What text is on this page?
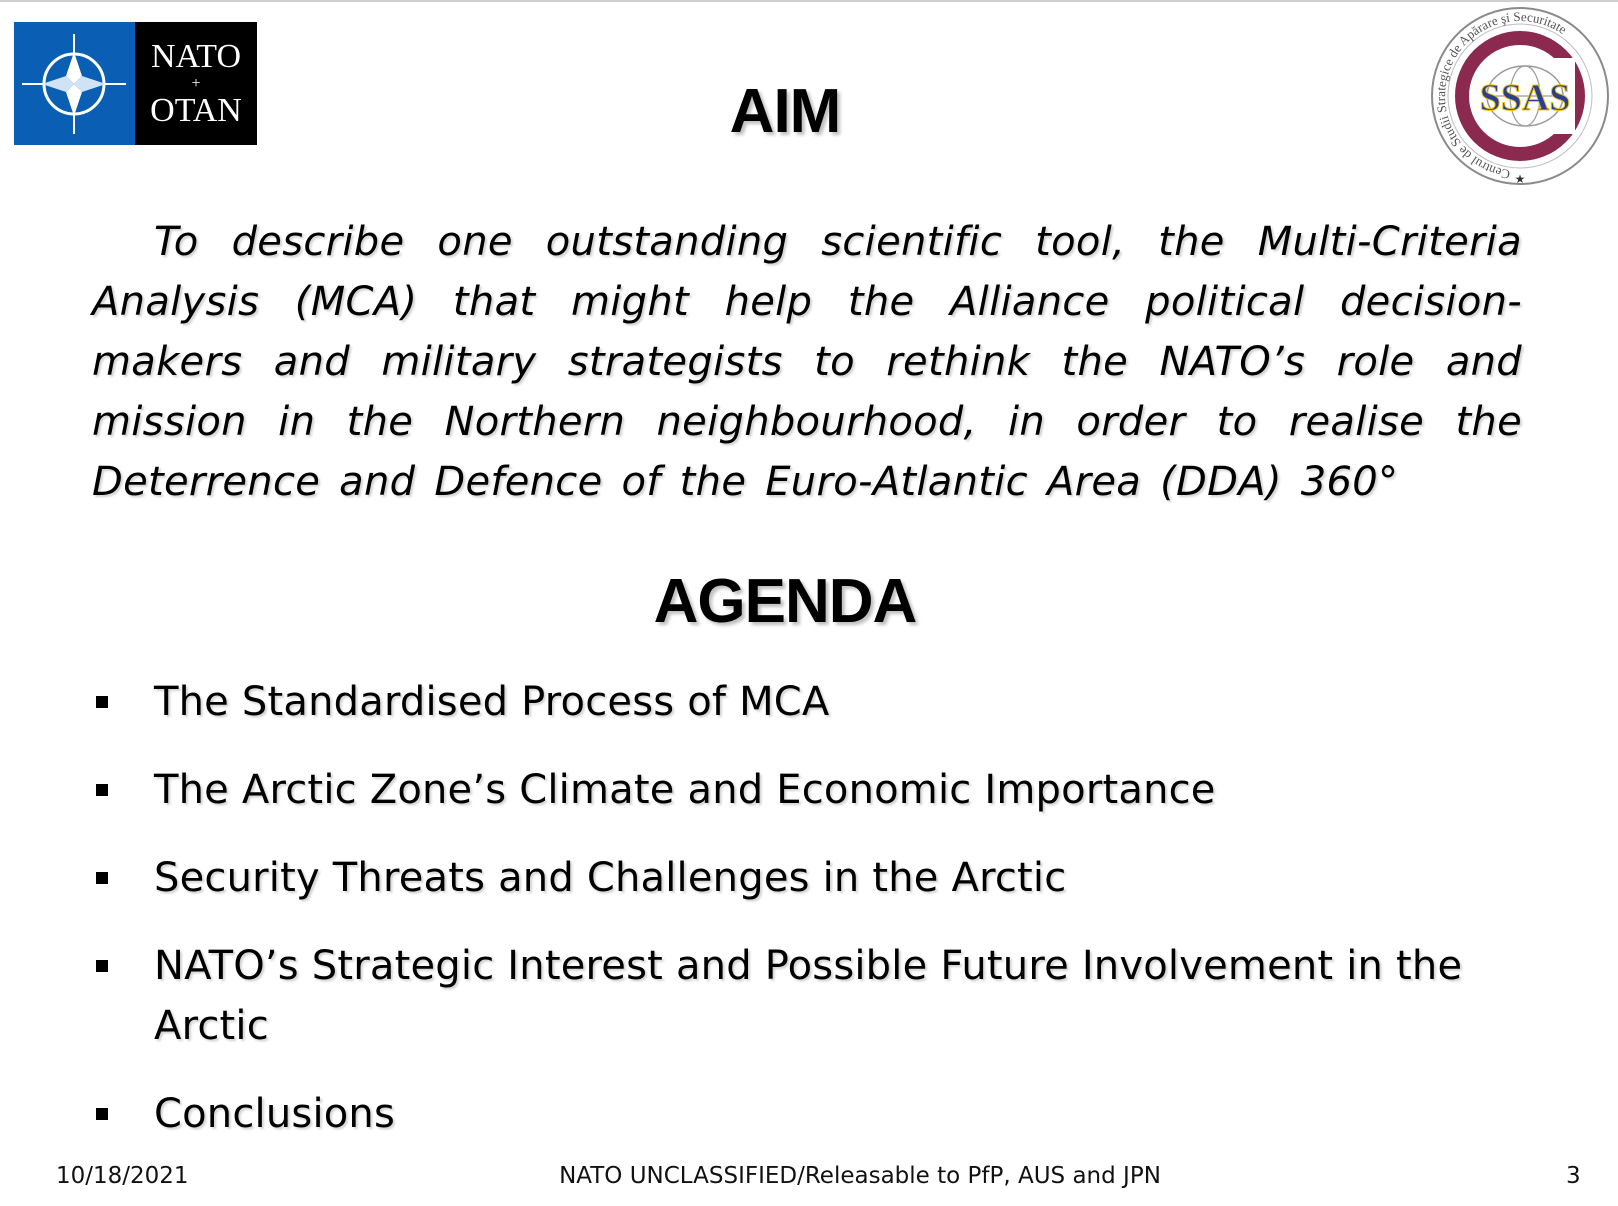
NATO
+
OTAN
Centrul de Studii Strategice de Apărare şi Securitate
SSAS
★
AIM
To describe one outstanding scientific tool, the Multi-Criteria Analysis (MCA) that might help the Alliance political decision-makers and military strategists to rethink the NATO’s role and mission in the Northern neighbourhood, in order to realise the Deterrence and Defence of the Euro-Atlantic Area (DDA) 360°
AGENDA
The Standardised Process of MCA
The Arctic Zone’s Climate and Economic Importance
Security Threats and Challenges in the Arctic
NATO’s Strategic Interest and Possible Future Involvement in the Arctic
Conclusions
10/18/2021	NATO UNCLASSIFIED/Releasable to PfP, AUS and JPN	3
